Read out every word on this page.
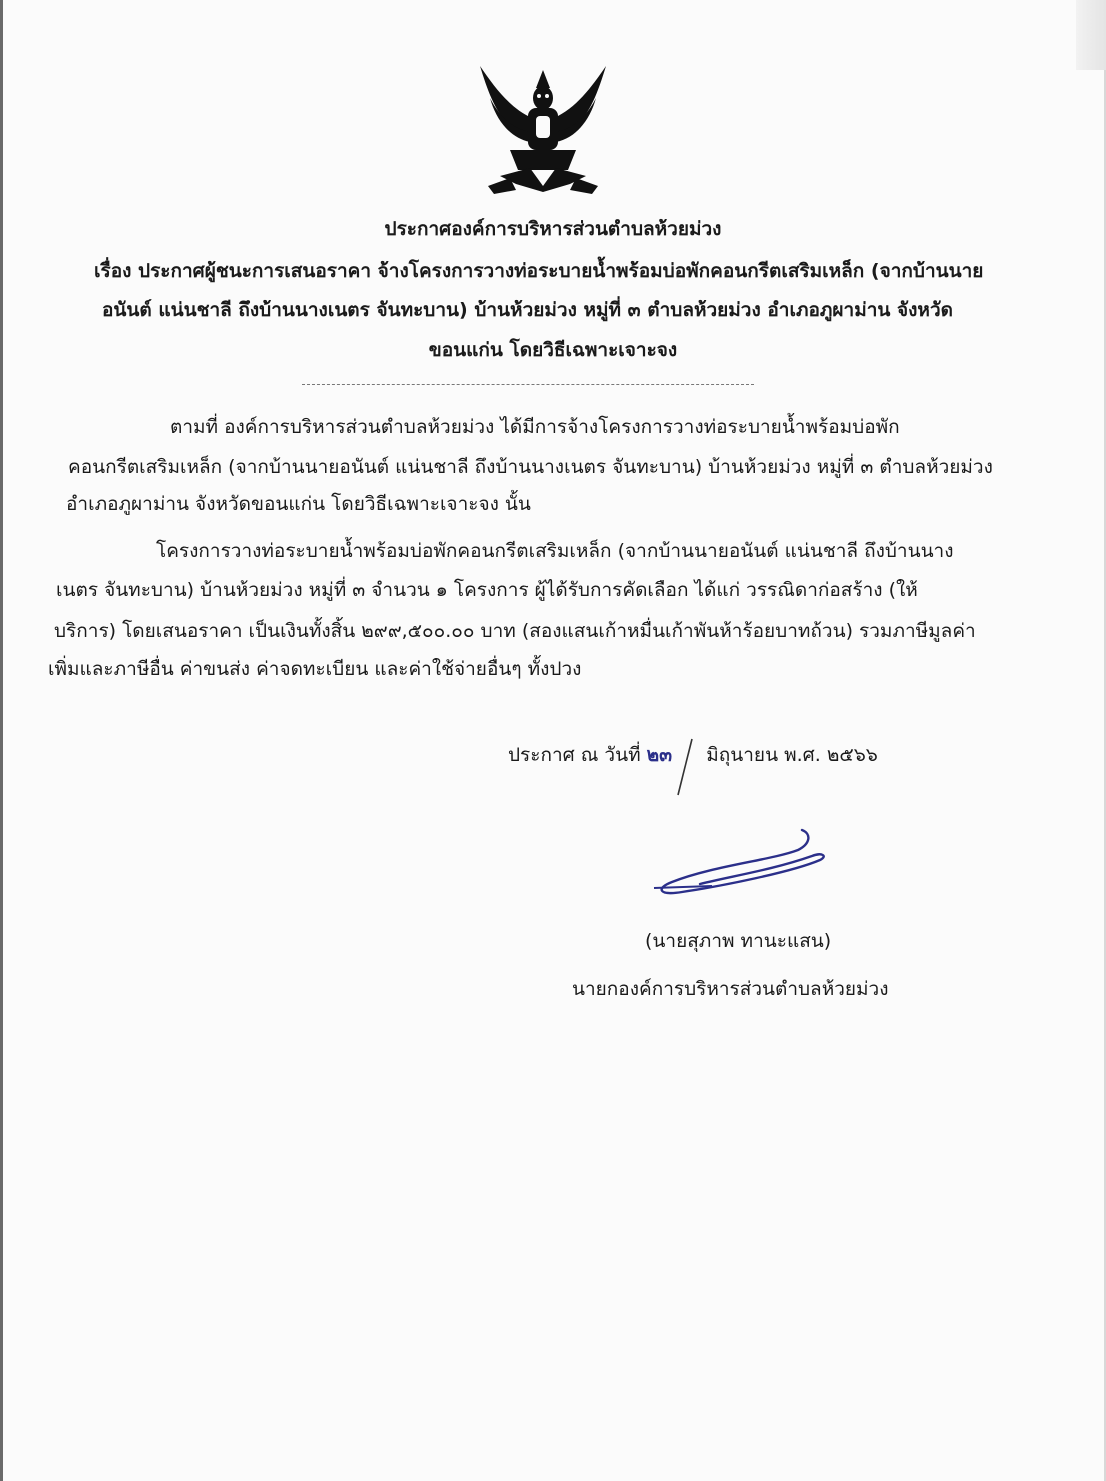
ประกาศองค์การบริหารส่วนตำบลห้วยม่วง
เรื่อง ประกาศผู้ชนะการเสนอราคา จ้างโครงการวางท่อระบายน้ำพร้อมบ่อพักคอนกรีตเสริมเหล็ก (จากบ้านนาย
อนันต์ แน่นชาลี ถึงบ้านนางเนตร จันทะบาน) บ้านห้วยม่วง หมู่ที่ ๓ ตำบลห้วยม่วง อำเภอภูผาม่าน จังหวัด
ขอนแก่น โดยวิธีเฉพาะเจาะจง
ตามที่ องค์การบริหารส่วนตำบลห้วยม่วง ได้มีการจ้างโครงการวางท่อระบายน้ำพร้อมบ่อพัก
คอนกรีตเสริมเหล็ก (จากบ้านนายอนันต์ แน่นชาลี ถึงบ้านนางเนตร จันทะบาน) บ้านห้วยม่วง หมู่ที่ ๓ ตำบลห้วยม่วง
อำเภอภูผาม่าน จังหวัดขอนแก่น โดยวิธีเฉพาะเจาะจง นั้น
โครงการวางท่อระบายน้ำพร้อมบ่อพักคอนกรีตเสริมเหล็ก (จากบ้านนายอนันต์ แน่นชาลี ถึงบ้านนาง
เนตร จันทะบาน) บ้านห้วยม่วง หมู่ที่ ๓ จำนวน ๑ โครงการ ผู้ได้รับการคัดเลือก ได้แก่ วรรณิดาก่อสร้าง (ให้
บริการ) โดยเสนอราคา เป็นเงินทั้งสิ้น ๒๙๙,๕๐๐.๐๐ บาท (สองแสนเก้าหมื่นเก้าพันห้าร้อยบาทถ้วน) รวมภาษีมูลค่า
เพิ่มและภาษีอื่น ค่าขนส่ง ค่าจดทะเบียน และค่าใช้จ่ายอื่นๆ ทั้งปวง
ประกาศ ณ วันที่ ๒๓ มิถุนายน พ.ศ. ๒๕๖๖
(นายสุภาพ ทานะแสน)
นายกองค์การบริหารส่วนตำบลห้วยม่วง
